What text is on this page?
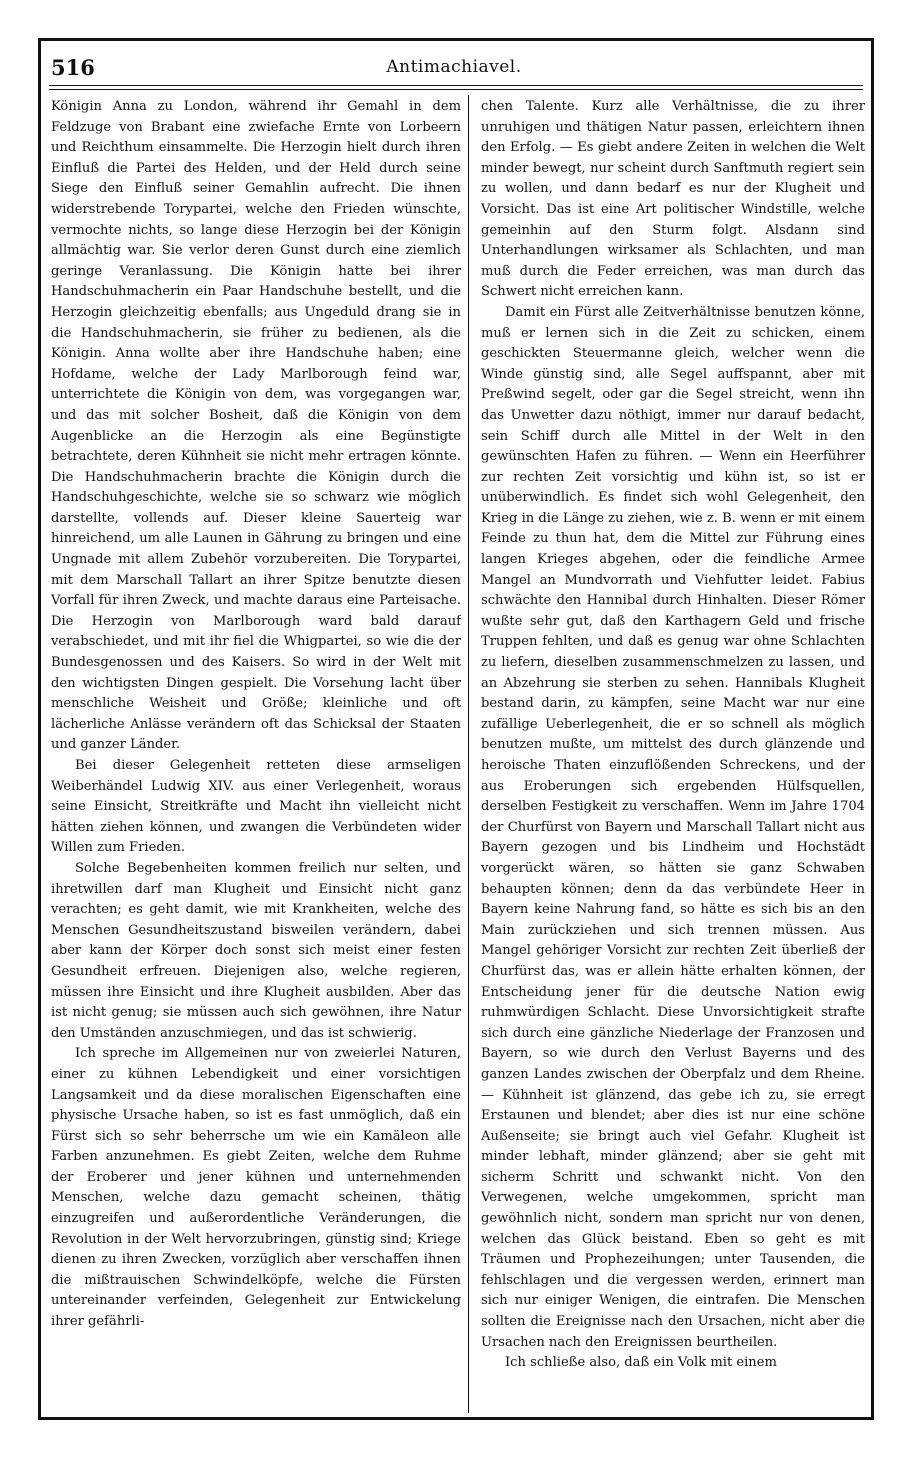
516	Antimachiavel.

Königin Anna zu London, während ihr Gemahl in dem Feldzuge von Brabant eine zwiefache Ernte von Lorbeern und Reichthum einsammelte. Die Herzogin hielt durch ihren Einfluß die Partei des Helden, und der Held durch seine Siege den Einfluß seiner Gemahlin aufrecht. Die ihnen widerstrebende Torypartei, welche den Frieden wünschte, vermochte nichts, so lange diese Herzogin bei der Königin allmächtig war. Sie verlor deren Gunst durch eine ziemlich geringe Veranlassung. Die Königin hatte bei ihrer Handschuhmacherin ein Paar Handschuhe bestellt, und die Herzogin gleichzeitig ebenfalls; aus Ungeduld drang sie in die Handschuhmacherin, sie früher zu bedienen, als die Königin. Anna wollte aber ihre Handschuhe haben; eine Hofdame, welche der Lady Marlborough feind war, unterrichtete die Königin von dem, was vorgegangen war, und das mit solcher Bosheit, daß die Königin von dem Augenblicke an die Herzogin als eine Begünstigte betrachtete, deren Kühnheit sie nicht mehr ertragen könnte. Die Handschuhmacherin brachte die Königin durch die Handschuhgeschichte, welche sie so schwarz wie möglich darstellte, vollends auf. Dieser kleine Sauerteig war hinreichend, um alle Launen in Gährung zu bringen und eine Ungnade mit allem Zubehör vorzubereiten. Die Torypartei, mit dem Marschall Tallart an ihrer Spitze benutzte diesen Vorfall für ihren Zweck, und machte daraus eine Parteisache. Die Herzogin von Marlborough ward bald darauf verabschiedet, und mit ihr fiel die Whigpartei, so wie die der Bundesgenossen und des Kaisers. So wird in der Welt mit den wichtigsten Dingen gespielt. Die Vorsehung lacht über menschliche Weisheit und Größe; kleinliche und oft lächerliche Anlässe verändern oft das Schicksal der Staaten und ganzer Länder.

Bei dieser Gelegenheit retteten diese armseligen Weiberhändel Ludwig XIV. aus einer Verlegenheit, woraus seine Einsicht, Streitkräfte und Macht ihn vielleicht nicht hätten ziehen können, und zwangen die Verbündeten wider Willen zum Frieden.

Solche Begebenheiten kommen freilich nur selten, und ihretwillen darf man Klugheit und Einsicht nicht ganz verachten; es geht damit, wie mit Krankheiten, welche des Menschen Gesundheitszustand bisweilen verändern, dabei aber kann der Körper doch sonst sich meist einer festen Gesundheit erfreuen. Diejenigen also, welche regieren, müssen ihre Einsicht und ihre Klugheit ausbilden. Aber das ist nicht genug; sie müssen auch sich gewöhnen, ihre Natur den Umständen anzuschmiegen, und das ist schwierig.

Ich spreche im Allgemeinen nur von zweierlei Naturen, einer zu kühnen Lebendigkeit und einer vorsichtigen Langsamkeit und da diese moralischen Eigenschaften eine physische Ursache haben, so ist es fast unmöglich, daß ein Fürst sich so sehr beherrsche um wie ein Kamäleon alle Farben anzunehmen. Es giebt Zeiten, welche dem Ruhme der Eroberer und jener kühnen und unternehmenden Menschen, welche dazu gemacht scheinen, thätig einzugreifen und außerordentliche Veränderungen, die Revolution in der Welt hervorzubringen, günstig sind; Kriege dienen zu ihren Zwecken, vorzüglich aber verschaffen ihnen die mißtrauischen Schwindelköpfe, welche die Fürsten untereinander verfeinden, Gelegenheit zur Entwickelung ihrer gefährli-

chen Talente. Kurz alle Verhältnisse, die zu ihrer unruhigen und thätigen Natur passen, erleichtern ihnen den Erfolg. — Es giebt andere Zeiten in welchen die Welt minder bewegt, nur scheint durch Sanftmuth regiert sein zu wollen, und dann bedarf es nur der Klugheit und Vorsicht. Das ist eine Art politischer Windstille, welche gemeinhin auf den Sturm folgt. Alsdann sind Unterhandlungen wirksamer als Schlachten, und man muß durch die Feder erreichen, was man durch das Schwert nicht erreichen kann.

Damit ein Fürst alle Zeitverhältnisse benutzen könne, muß er lernen sich in die Zeit zu schicken, einem geschickten Steuermanne gleich, welcher wenn die Winde günstig sind, alle Segel auffspannt, aber mit Preßwind segelt, oder gar die Segel streicht, wenn ihn das Unwetter dazu nöthigt, immer nur darauf bedacht, sein Schiff durch alle Mittel in der Welt in den gewünschten Hafen zu führen. — Wenn ein Heerführer zur rechten Zeit vorsichtig und kühn ist, so ist er unüberwindlich. Es findet sich wohl Gelegenheit, den Krieg in die Länge zu ziehen, wie z. B. wenn er mit einem Feinde zu thun hat, dem die Mittel zur Führung eines langen Krieges abgehen, oder die feindliche Armee Mangel an Mundvorrath und Viehfutter leidet. Fabius schwächte den Hannibal durch Hinhalten. Dieser Römer wußte sehr gut, daß den Karthagern Geld und frische Truppen fehlten, und daß es genug war ohne Schlachten zu liefern, dieselben zusammenschmelzen zu lassen, und an Abzehrung sie sterben zu sehen. Hannibals Klugheit bestand darin, zu kämpfen, seine Macht war nur eine zufällige Ueberlegenheit, die er so schnell als möglich benutzen mußte, um mittelst des durch glänzende und heroische Thaten einzuflößenden Schreckens, und der aus Eroberungen sich ergebenden Hülfsquellen, derselben Festigkeit zu verschaffen. Wenn im Jahre 1704 der Churfürst von Bayern und Marschall Tallart nicht aus Bayern gezogen und bis Lindheim und Hochstädt vorgerückt wären, so hätten sie ganz Schwaben behaupten können; denn da das verbündete Heer in Bayern keine Nahrung fand, so hätte es sich bis an den Main zurückziehen und sich trennen müssen. Aus Mangel gehöriger Vorsicht zur rechten Zeit überließ der Churfürst das, was er allein hätte erhalten können, der Entscheidung jener für die deutsche Nation ewig ruhmwürdigen Schlacht. Diese Unvorsichtigkeit strafte sich durch eine gänzliche Niederlage der Franzosen und Bayern, so wie durch den Verlust Bayerns und des ganzen Landes zwischen der Oberpfalz und dem Rheine. — Kühnheit ist glänzend, das gebe ich zu, sie erregt Erstaunen und blendet; aber dies ist nur eine schöne Außenseite; sie bringt auch viel Gefahr. Klugheit ist minder lebhaft, minder glänzend; aber sie geht mit sicherm Schritt und schwankt nicht. Von den Verwegenen, welche umgekommen, spricht man gewöhnlich nicht, sondern man spricht nur von denen, welchen das Glück beistand. Eben so geht es mit Träumen und Prophezeihungen; unter Tausenden, die fehlschlagen und die vergessen werden, erinnert man sich nur einiger Wenigen, die eintrafen. Die Menschen sollten die Ereignisse nach den Ursachen, nicht aber die Ursachen nach den Ereignissen beurtheilen.

Ich schließe also, daß ein Volk mit einem
